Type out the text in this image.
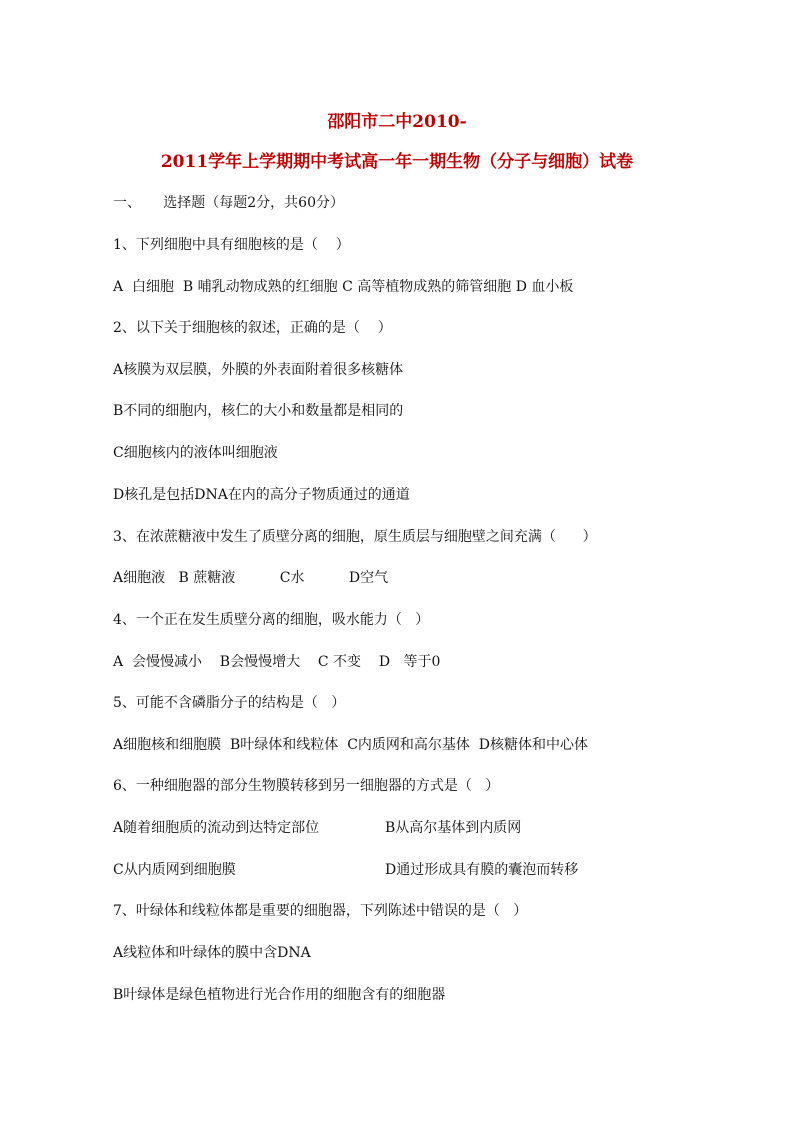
邵阳市二中2010-
2011学年上学期期中考试高一年一期生物（分子与细胞）试卷
一、     选择题（每题2分，共60分）
1、下列细胞中具有细胞核的是（    ）
A  白细胞  B 哺乳动物成熟的红细胞 C 高等植物成熟的筛管细胞 D 血小板
2、以下关于细胞核的叙述，正确的是（    ）
A核膜为双层膜，外膜的外表面附着很多核糖体
B不同的细胞内，核仁的大小和数量都是相同的
C细胞核内的液体叫细胞液
D核孔是包括DNA在内的高分子物质通过的通道
3、在浓蔗糖液中发生了质壁分离的细胞，原生质层与细胞壁之间充满（      ）
A细胞液   B 蔗糖液          C水          D空气
4、一个正在发生质壁分离的细胞，吸水能力（   ）
A  会慢慢减小    B会慢慢增大    C 不变    D   等于0
5、可能不含磷脂分子的结构是（   ）
A细胞核和细胞膜  B叶绿体和线粒体  C内质网和高尔基体  D核糖体和中心体
6、一种细胞器的部分生物膜转移到另一细胞器的方式是（   ）
A随着细胞质的流动到达特定部位	B从高尔基体到内质网
C从内质网到细胞膜	D通过形成具有膜的囊泡而转移
7、叶绿体和线粒体都是重要的细胞器，下列陈述中错误的是（   ）
A线粒体和叶绿体的膜中含DNA
B叶绿体是绿色植物进行光合作用的细胞含有的细胞器
